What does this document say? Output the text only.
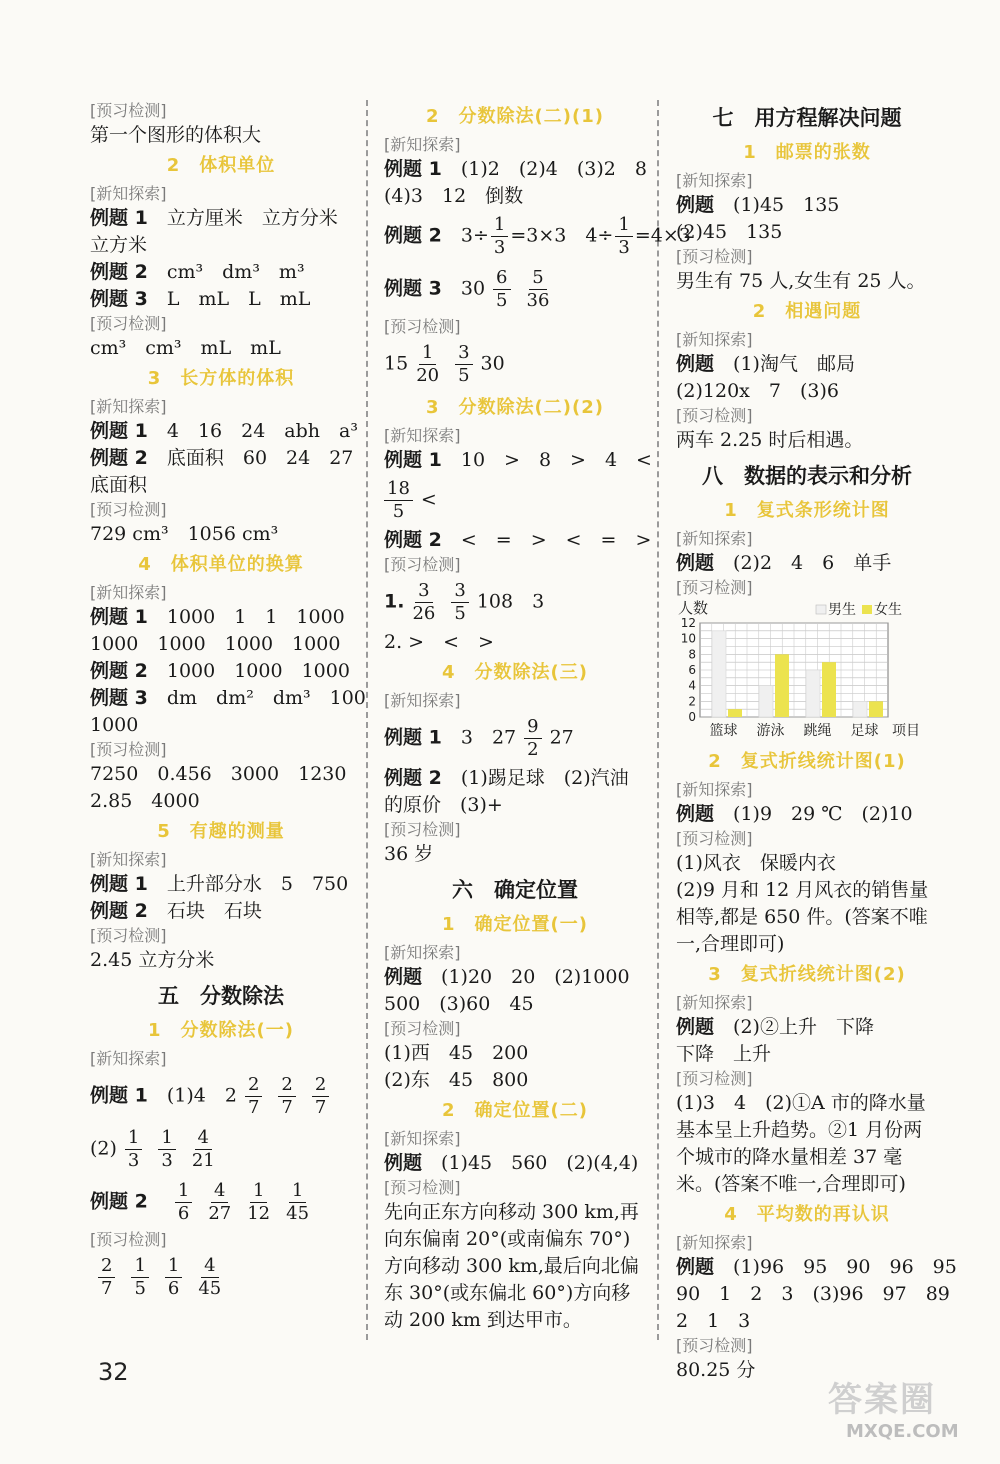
[预习检测]
第一个图形的体积大
2　体积单位
[新知探索]
例题 1　 立方厘米　立方分米
立方米
例题 2　 cm³　dm³　m³
例题 3　 L　mL　L　mL
[预习检测]
cm³　cm³　mL　mL
3　长方体的体积
[新知探索]
例题 1　 4　16　24　abh　a³
例题 2　 底面积　60　24　27
底面积
[预习检测]
729 cm³　1056 cm³
4　体积单位的换算
[新知探索]
例题 1　 1000　1　1　1000
1000　1000　1000　1000
例题 2　 1000　1000　1000
例题 3　 dm　dm²　dm³　100
1000
[预习检测]
7250　0.456　3000　1230
2.85　4000
5　有趣的测量
[新知探索]
例题 1　 上升部分水　5　750
例题 2　 石块　石块
[预习检测]
2.45 立方分米
五　分数除法
1　分数除法(一)
[新知探索]
例题 1　 (1)4　$2 \frac{2}{7} \frac{2}{7} \frac{2}{7}$
$(2) \frac{1}{3} \frac{1}{3} \frac{4}{21}$
例题 2　 $\frac{1}{6} \frac{4}{27} \frac{1}{12} \frac{1}{45}$
[预习检测]
$\frac{2}{7} \frac{1}{5} \frac{1}{6} \frac{4}{45}$
2　分数除法(二)(1)
[新知探索]
例题 1　 (1)2　(2)4　(3)2　8
(4)3　12　倒数
例题 2　 $3\div \frac{1}{3} =3\times 3$　$4\div \frac{1}{3} =4\times 3$
例题 3　 $30 \frac{6}{5} \frac{5}{36}$
[预习检测]
$15 \frac{1}{20} \frac{3}{5} 30$
3　分数除法(二)(2)
[新知探索]
例题 1　 10　>　8　>　4　<
$\frac{18}{5}$ <
例题 2　 <　=　>　<　=　>
[预习检测]
1. $\frac{3}{26} \frac{3}{5} 108$　3
2. >　<　>
4　分数除法(三)
[新知探索]
例题 1　 3　$27 \frac{9}{2} 27$
例题 2　 (1)踢足球　(2)汽油
的原价　(3)+
[预习检测]
36 岁
六　确定位置
1　确定位置(一)
[新知探索]
例题　 (1)20　20　(2)1000
500　(3)60　45
[预习检测]
(1)西　45　200
(2)东　45　800
2　确定位置(二)
[新知探索]
例题　 (1)45　560　(2)(4,4)
[预习检测]
先向正东方向移动 300 km,再向东偏南 20°(或南偏东 70°)方向移动 300 km,最后向北偏东 30°(或东偏北 60°)方向移动 200 km 到达甲市。
七　用方程解决问题
1　邮票的张数
[新知探索]
例题　 (1)45　135
(2)45　135
[预习检测]
男生有 75 人,女生有 25 人。
2　相遇问题
[新知探索]
例题　 (1)淘气　邮局
(2)120x　7　(3)6
[预习检测]
两车 2.25 时后相遇。
八　数据的表示和分析
1　复式条形统计图
[新知探索]
例题　 (2)2　4　6　单手
[预习检测]
0
2
4
6
8
10
12
人数	男生 女生
篮球 游泳 跳绳 足球 项目
2　复式折线统计图(1)
[新知探索]
例题　 (1)9　29 ℃　(2)10
[预习检测]
(1)风衣　保暖内衣
(2)9 月和 12 月风衣的销售量相等,都是 650 件。(答案不唯一,合理即可)
3　复式折线统计图(2)
[新知探索]
例题　 (2)②上升　下降
下降　上升
[预习检测]
(1)3　4　(2)①A 市的降水量基本呈上升趋势。②1 月份两个城市的降水量相差 37 毫米。(答案不唯一,合理即可)
4　平均数的再认识
[新知探索]
例题　 (1)96　95　90　96　95
90　1　2　3　(3)96　97　89
2　1　3
[预习检测]
80.25 分
32
答案圈
MXQE.COM
